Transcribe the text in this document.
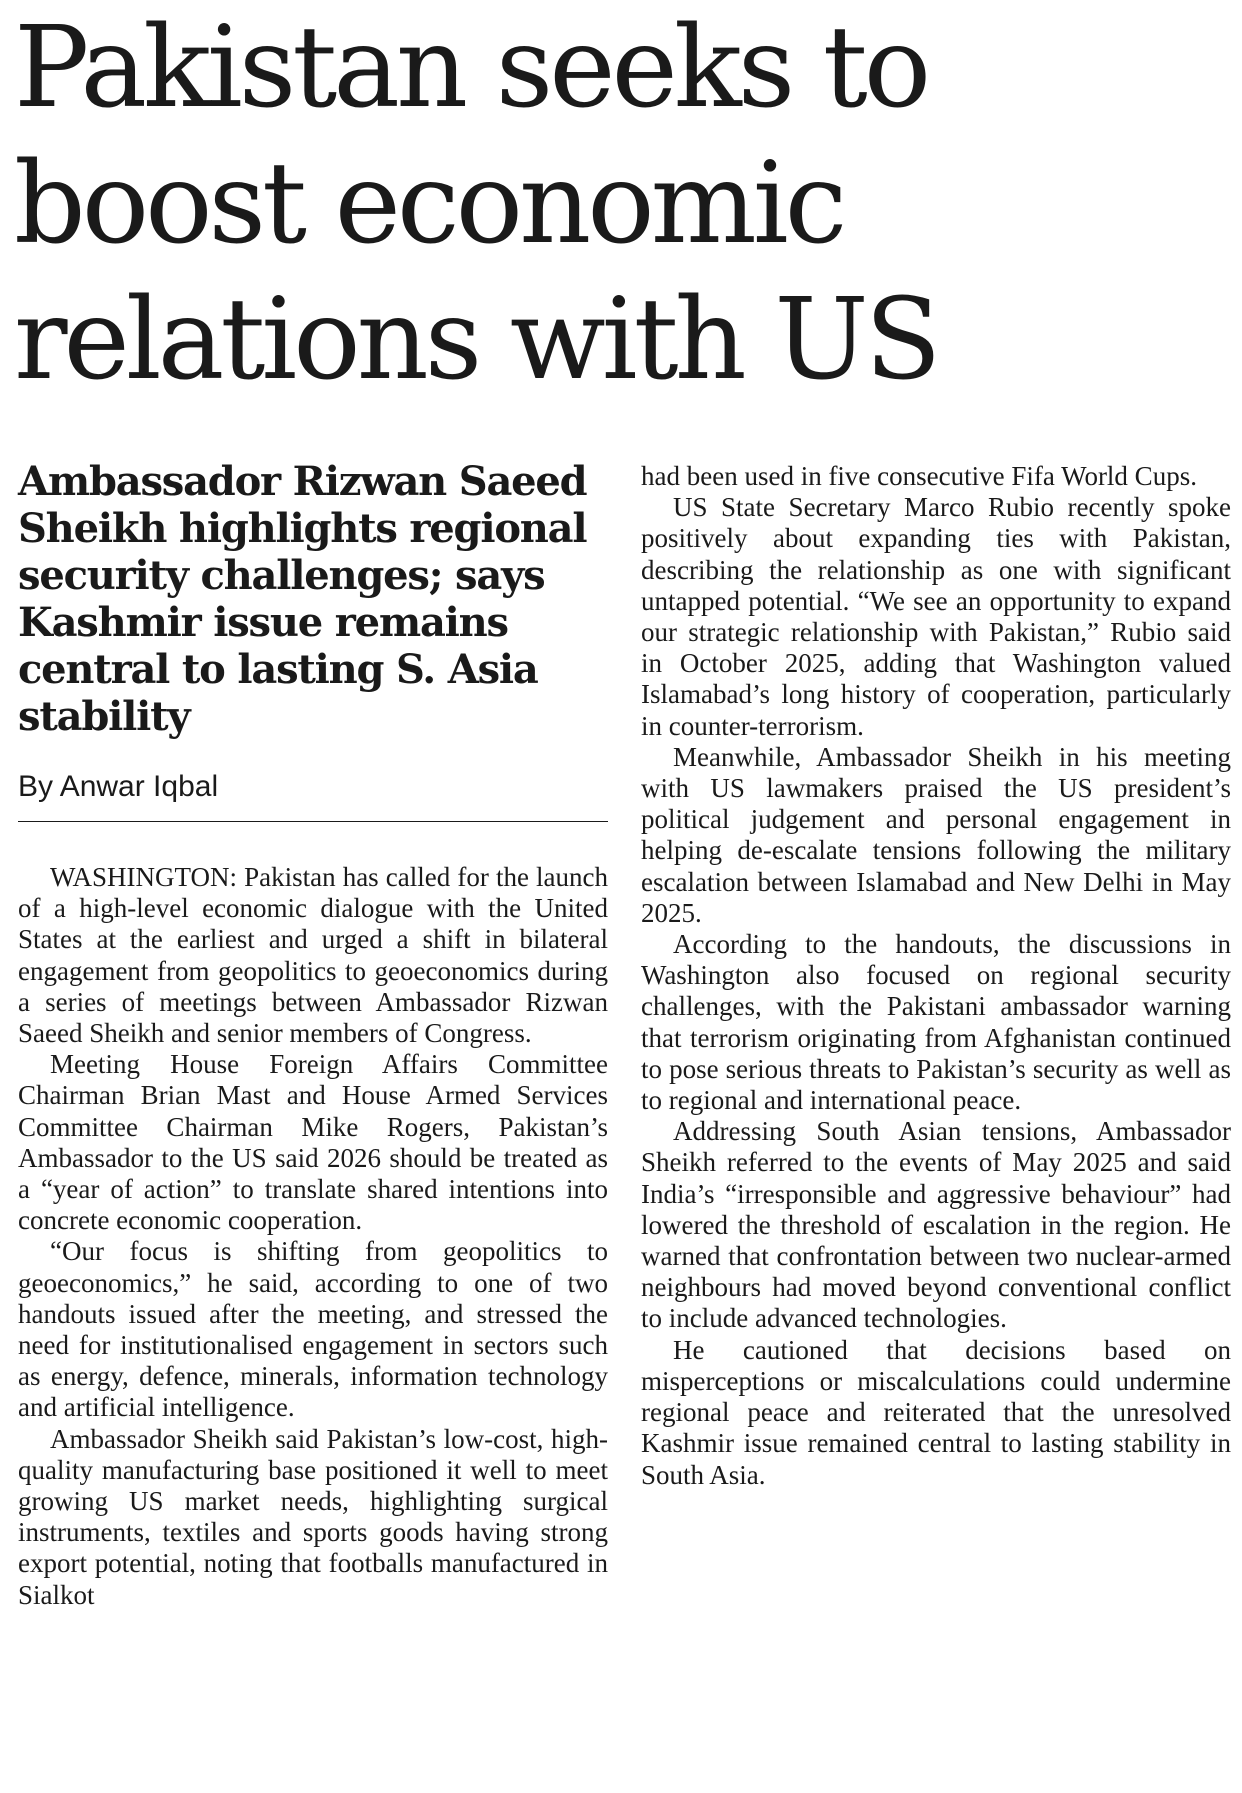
Pakistan seeks to
boost economic
relations with US
Ambassador Rizwan Saeed Sheikh highlights regional security challenges; says Kashmir issue remains central to lasting S. Asia stability
By Anwar Iqbal

WASHINGTON: Pakistan has called for the launch of a high-level economic dialogue with the United States at the earliest and urged a shift in bilateral engagement from geopolitics to geoeconomics during a series of meetings between Ambassador Rizwan Saeed Sheikh and senior members of Congress.

Meeting House Foreign Affairs Committee Chairman Brian Mast and House Armed Services Committee Chairman Mike Rogers, Pakistan’s Ambassador to the US said 2026 should be treated as a “year of action” to translate shared intentions into concrete economic cooperation.

“Our focus is shifting from geopolitics to geoeconomics,” he said, according to one of two handouts issued after the meeting, and stressed the need for institutionalised engagement in sectors such as energy, defence, minerals, information technology and artificial intelligence.

Ambassador Sheikh said Pakistan’s low-cost, high-quality manufacturing base positioned it well to meet growing US market needs, highlighting surgical instruments, textiles and sports goods having strong export potential, noting that footballs manufactured in Sialkot

had been used in five consecutive Fifa World Cups.

US State Secretary Marco Rubio recently spoke positively about expanding ties with Pakistan, describing the relationship as one with significant untapped potential. “We see an opportunity to expand our strategic relationship with Pakistan,” Rubio said in October 2025, adding that Washington valued Islamabad’s long history of cooperation, particularly in counter-terrorism.

Meanwhile, Ambassador Sheikh in his meeting with US lawmakers praised the US president’s political judgement and personal engagement in helping de-escalate tensions following the military escalation between Islamabad and New Delhi in May 2025.

According to the handouts, the discussions in Washington also focused on regional security challenges, with the Pakistani ambassador warning that terrorism originating from Afghanistan continued to pose serious threats to Pakistan’s security as well as to regional and international peace.

Addressing South Asian tensions, Ambassador Sheikh referred to the events of May 2025 and said India’s “irresponsible and aggressive behaviour” had lowered the threshold of escalation in the region. He warned that confrontation between two nuclear-armed neighbours had moved beyond conventional conflict to include advanced technologies.

He cautioned that decisions based on misperceptions or miscalculations could undermine regional peace and reiterated that the unresolved Kashmir issue remained central to lasting stability in South Asia.
